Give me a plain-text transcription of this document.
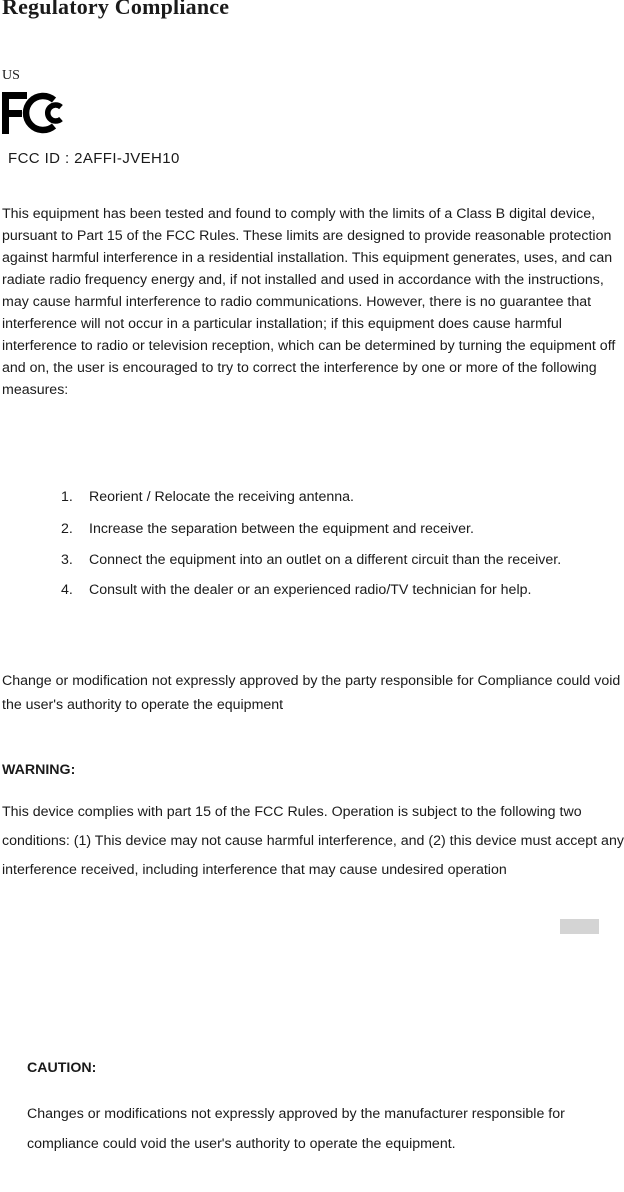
Regulatory Compliance
US
FCC ID : 2AFFI-JVEH10
This equipment has been tested and found to comply with the limits of a Class B digital device, pursuant to Part 15 of the FCC Rules. These limits are designed to provide reasonable protection against harmful interference in a residential installation. This equipment generates, uses, and can radiate radio frequency energy and, if not installed and used in accordance with the instructions, may cause harmful interference to radio communications. However, there is no guarantee that interference will not occur in a particular installation; if this equipment does cause harmful interference to radio or television reception, which can be determined by turning the equipment off and on, the user is encouraged to try to correct the interference by one or more of the following measures:
1. Reorient / Relocate the receiving antenna.
2. Increase the separation between the equipment and receiver.
3. Connect the equipment into an outlet on a different circuit than the receiver.
4. Consult with the dealer or an experienced radio/TV technician for help.
Change or modification not expressly approved by the party responsible for Compliance could void the user's authority to operate the equipment
WARNING:
This device complies with part 15 of the FCC Rules. Operation is subject to the following two conditions: (1) This device may not cause harmful interference, and (2) this device must accept any interference received, including interference that may cause undesired operation
CAUTION:
Changes or modifications not expressly approved by the manufacturer responsible for compliance could void the user's authority to operate the equipment.
